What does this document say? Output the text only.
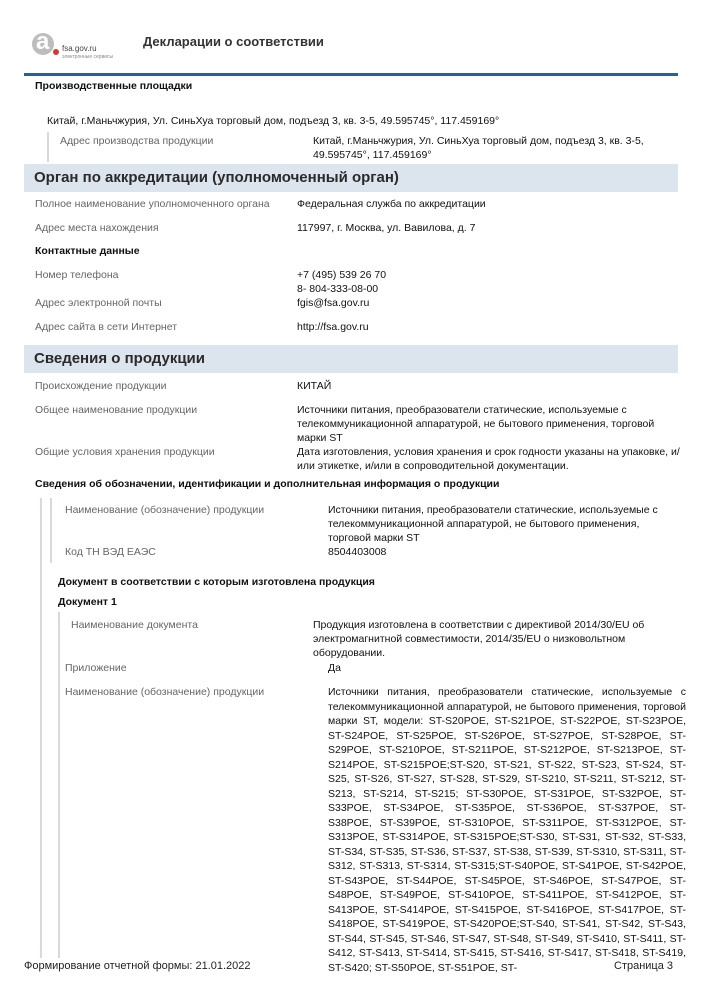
a fsa.gov.ru
электронные сервисы
Декларации о соответствии
Производственные площадки
Китай, г.Маньчжурия, Ул. СиньХуа торговый дом, подъезд 3, кв. 3-5, 49.595745°, 117.459169°
Адрес производства продукции	Китай, г.Маньчжурия, Ул. СиньХуа торговый дом, подъезд 3, кв. 3-5, 49.595745°, 117.459169°
Орган по аккредитации (уполномоченный орган)
Полное наименование уполномоченного органа	Федеральная служба по аккредитации
Адрес места нахождения	117997, г. Москва, ул. Вавилова, д. 7
Контактные данные
Номер телефона	+7 (495) 539 26 70
8- 804-333-08-00
Адрес электронной почты	fgis@fsa.gov.ru
Адрес сайта в сети Интернет	http://fsa.gov.ru
Сведения о продукции
Происхождение продукции	КИТАЙ
Общее наименование продукции	Источники питания, преобразователи статические, используемые с телекоммуникационной аппаратурой, не бытового применения, торговой марки ST
Общие условия хранения продукции	Дата изготовления, условия хранения и срок годности указаны на упаковке, и/или этикетке, и/или в сопроводительной документации.
Сведения об обозначении, идентификации и дополнительная информация о продукции
Наименование (обозначение) продукции	Источники питания, преобразователи статические, используемые с телекоммуникационной аппаратурой, не бытового применения, торговой марки ST
Код ТН ВЭД ЕАЭС	8504403008
Документ в соответствии с которым изготовлена продукция
Документ 1
Наименование документа	Продукция изготовлена в соответствии с директивой 2014/30/EU об электромагнитной совместимости, 2014/35/EU о низковольтном оборудовании.
Приложение	Да
Наименование (обозначение) продукции	Источники питания, преобразователи статические, используемые с телекоммуникационной аппаратурой, не бытового применения, торговой марки ST, модели: ST-S20POE, ST-S21POE, ST-S22POE, ST-S23POE, ST-S24POE, ST-S25POE, ST-S26POE, ST-S27POE, ST-S28POE, ST-S29POE, ST-S210POE, ST-S211POE, ST-S212POE, ST-S213POE, ST-S214POE, ST-S215POE;ST-S20, ST-S21, ST-S22, ST-S23, ST-S24, ST-S25, ST-S26, ST-S27, ST-S28, ST-S29, ST-S210, ST-S211, ST-S212, ST-S213, ST-S214, ST-S215; ST-S30POE, ST-S31POE, ST-S32POE, ST-S33POE, ST-S34POE, ST-S35POE, ST-S36POE, ST-S37POE, ST-S38POE, ST-S39POE, ST-S310POE, ST-S311POE, ST-S312POE, ST-S313POE, ST-S314POE, ST-S315POE;ST-S30, ST-S31, ST-S32, ST-S33, ST-S34, ST-S35, ST-S36, ST-S37, ST-S38, ST-S39, ST-S310, ST-S311, ST-S312, ST-S313, ST-S314, ST-S315;ST-S40POE, ST-S41POE, ST-S42POE, ST-S43POE, ST-S44POE, ST-S45POE, ST-S46POE, ST-S47POE, ST-S48POE, ST-S49POE, ST-S410POE, ST-S411POE, ST-S412POE, ST-S413POE, ST-S414POE, ST-S415POE, ST-S416POE, ST-S417POE, ST-S418POE, ST-S419POE, ST-S420POE;ST-S40, ST-S41, ST-S42, ST-S43, ST-S44, ST-S45, ST-S46, ST-S47, ST-S48, ST-S49, ST-S410, ST-S411, ST-S412, ST-S413, ST-S414, ST-S415, ST-S416, ST-S417, ST-S418, ST-S419, ST-S420; ST-S50POE, ST-S51POE, ST-
Формирование отчетной формы: 21.01.2022	Страница 3
